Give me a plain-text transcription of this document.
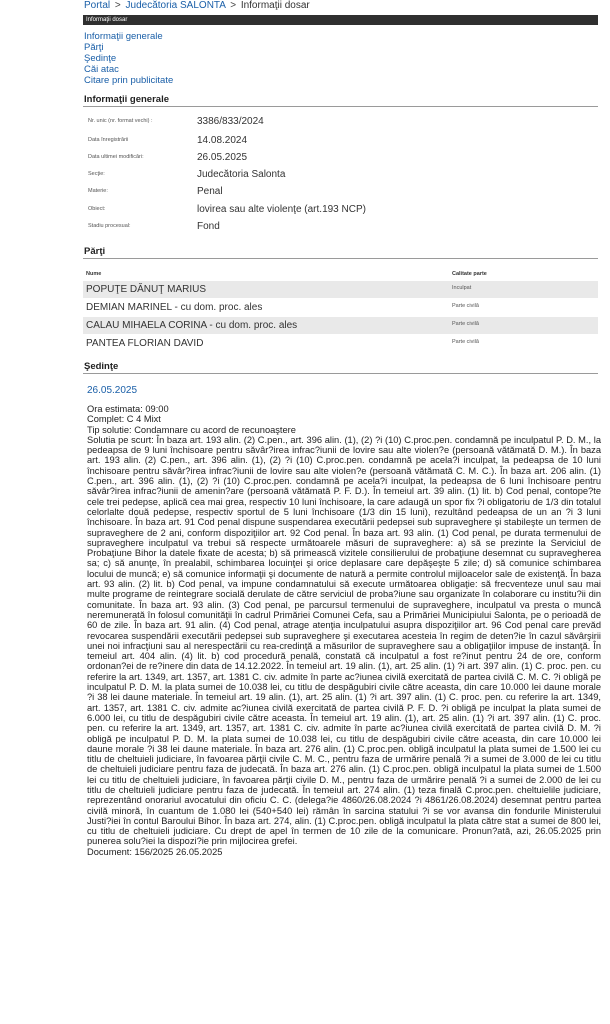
Portal > Judecătoria SALONTA > Informaţii dosar
Informaţii dosar
Informaţii generale
Părţi
Şedinţe
Căi atac
Citare prin publicitate
Informaţii generale
Nr. unic (nr. format vechi) :	3386/833/2024
Data înregistrării	14.08.2024
Data ultimei modificări:	26.05.2025
Secţie:	Judecătoria Salonta
Materie:	Penal
Obiect:	lovirea sau alte violenţe (art.193 NCP)
Stadiu procesual:	Fond
Părţi
Nume	Calitate parte
POPUŢE DĂNUŢ MARIUS	Inculpat
DEMIAN MARINEL - cu dom. proc. ales	Parte civilă
CALAU MIHAELA CORINA - cu dom. proc. ales	Parte civilă
PANTEA FLORIAN DAVID	Parte civilă
Şedinţe
26.05.2025
Ora estimata: 09:00
Complet: C 4 Mixt
Tip solutie: Condamnare cu acord de recunoaştere
Solutia pe scurt: În baza art. 193 alin. (2) C.pen., art. 396 alin. (1), (2) ?i (10) C.proc.pen. condamnă pe inculpatul P. D. M., la pedeapsa de 9 luni închisoare pentru săvâr?irea infrac?iunii de lovire sau alte violen?e (persoană vătămată D. M.). În baza art. 193 alin. (2) C.pen., art. 396 alin. (1), (2) ?i (10) C.proc.pen. condamnă pe acela?i inculpat, la pedeapsa de 10 luni închisoare pentru săvâr?irea infrac?iunii de lovire sau alte violen?e (persoană vătămată C. M. C.). În baza art. 206 alin. (1) C.pen., art. 396 alin. (1), (2) ?i (10) C.proc.pen. condamnă pe acela?i inculpat, la pedeapsa de 6 luni închisoare pentru săvâr?irea infrac?iunii de amenin?are (persoană vătămată P. F. D.). În temeiul art. 39 alin. (1) lit. b) Cod penal, contope?te cele trei pedepse, aplică cea mai grea, respectiv 10 luni închisoare, la care adaugă un spor fix ?i obligatoriu de 1/3 din totalul celorlalte două pedepse, respectiv sportul de 5 luni închisoare (1/3 din 15 luni), rezultând pedeapsa de un an ?i 3 luni închisoare. În baza art. 91 Cod penal dispune suspendarea executării pedepsei sub supraveghere şi stabileşte un termen de supraveghere de 2 ani, conform dispoziţiilor art. 92 Cod penal. În baza art. 93 alin. (1) Cod penal, pe durata termenului de supraveghere inculpatul va trebui să respecte următoarele măsuri de supraveghere: a) să se prezinte la Serviciul de Probaţiune Bihor la datele fixate de acesta; b) să primească vizitele consilierului de probaţiune desemnat cu supravegherea sa; c) să anunţe, în prealabil, schimbarea locuinţei şi orice deplasare care depăşeşte 5 zile; d) să comunice schimbarea locului de muncă; e) să comunice informaţii şi documente de natură a permite controlul mijloacelor sale de existenţă. În baza art. 93 alin. (2) lit. b) Cod penal, va impune condamnatului să execute următoarea obligaţie: să frecventeze unul sau mai multe programe de reintegrare socială derulate de către serviciul de proba?iune sau organizate în colaborare cu institu?ii din comunitate. În baza art. 93 alin. (3) Cod penal, pe parcursul termenului de supraveghere, inculpatul va presta o muncă neremunerată în folosul comunităţii în cadrul Primăriei Comunei Cefa, sau a Primăriei Municipiului Salonta, pe o perioadă de 60 de zile. În baza art. 91 alin. (4) Cod penal, atrage atenţia inculpatului asupra dispoziţiilor art. 96 Cod penal care prevăd revocarea suspendării executării pedepsei sub supraveghere şi executarea acesteia în regim de deten?ie în cazul săvârşirii unei noi infracţiuni sau al nerespectării cu rea-credinţă a măsurilor de supraveghere sau a obligaţiilor impuse de instanţă. În temeiul art. 404 alin. (4) lit. b) cod procedură penală, constată că inculpatul a fost re?inut pentru 24 de ore, conform ordonan?ei de re?inere din data de 14.12.2022. În temeiul art. 19 alin. (1), art. 25 alin. (1) ?i art. 397 alin. (1) C. proc. pen. cu referire la art. 1349, art. 1357, art. 1381 C. civ. admite în parte ac?iunea civilă exercitată de partea civilă C. M. C. ?i obligă pe inculpatul P. D. M. la plata sumei de 10.038 lei, cu titlu de despăgubiri civile către aceasta, din care 10.000 lei daune morale ?i 38 lei daune materiale. În temeiul art. 19 alin. (1), art. 25 alin. (1) ?i art. 397 alin. (1) C. proc. pen. cu referire la art. 1349, art. 1357, art. 1381 C. civ. admite ac?iunea civilă exercitată de partea civilă P. F. D. ?i obligă pe inculpat la plata sumei de 6.000 lei, cu titlu de despăgubiri civile către aceasta. În temeiul art. 19 alin. (1), art. 25 alin. (1) ?i art. 397 alin. (1) C. proc. pen. cu referire la art. 1349, art. 1357, art. 1381 C. civ. admite în parte ac?iunea civilă exercitată de partea civilă D. M. ?i obligă pe inculpatul P. D. M. la plata sumei de 10.038 lei, cu titlu de despăgubiri civile către aceasta, din care 10.000 lei daune morale ?i 38 lei daune materiale. În baza art. 276 alin. (1) C.proc.pen. obligă inculpatul la plata sumei de 1.500 lei cu titlu de cheltuieli judiciare, în favoarea părţii civile C. M. C., pentru faza de urmărire penală ?i a sumei de 3.000 de lei cu titlu de cheltuieli judiciare pentru faza de judecată. În baza art. 276 alin. (1) C.proc.pen. obligă inculpatul la plata sumei de 1.500 lei cu titlu de cheltuieli judiciare, în favoarea părţii civile D. M., pentru faza de urmărire penală ?i a sumei de 2.000 de lei cu titlu de cheltuieli judiciare pentru faza de judecată. În temeiul art. 274 alin. (1) teza finală C.proc.pen. cheltuielile judiciare, reprezentând onorariul avocatului din oficiu C. C. (delega?ie 4860/26.08.2024 ?i 4861/26.08.2024) desemnat pentru partea civilă minoră, în cuantum de 1.080 lei (540+540 lei) rămân în sarcina statului ?i se vor avansa din fondurile Ministerului Justi?iei în contul Baroului Bihor. În baza art. 274, alin. (1) C.proc.pen. obligă inculpatul la plata către stat a sumei de 800 lei, cu titlu de cheltuieli judiciare. Cu drept de apel în termen de 10 zile de la comunicare. Pronun?ată, azi, 26.05.2025 prin punerea solu?iei la dispozi?ie prin mijlocirea grefei.
Document: 156/2025 26.05.2025
